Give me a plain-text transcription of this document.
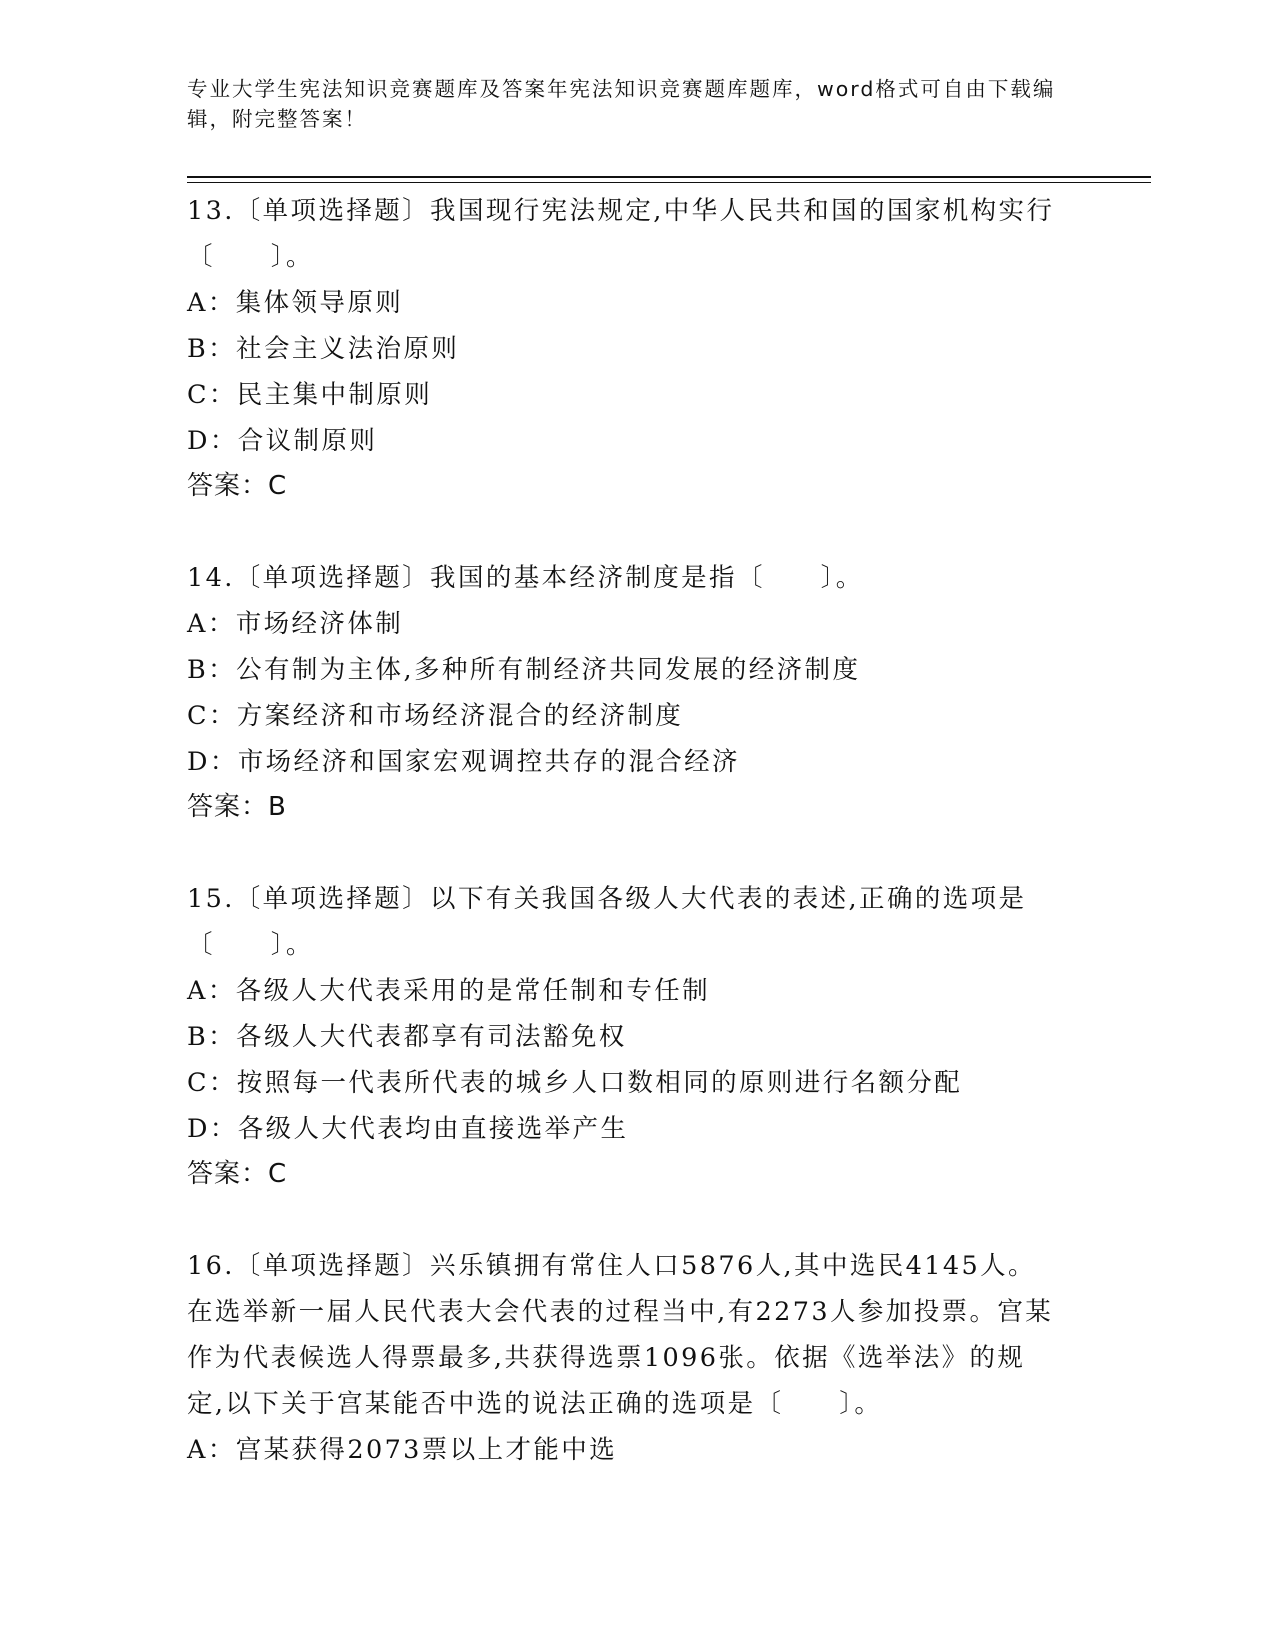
专业大学生宪法知识竞赛题库及答案年宪法知识竞赛题库题库，word格式可自由下载编辑，附完整答案！
13.〔单项选择题〕我国现行宪法规定,中华人民共和国的国家机构实行〔　　〕。
A：集体领导原则
B：社会主义法治原则
C：民主集中制原则
D：合议制原则
答案：C
14.〔单项选择题〕我国的基本经济制度是指〔　　〕。
A：市场经济体制
B：公有制为主体,多种所有制经济共同发展的经济制度
C：方案经济和市场经济混合的经济制度
D：市场经济和国家宏观调控共存的混合经济
答案：B
15.〔单项选择题〕以下有关我国各级人大代表的表述,正确的选项是〔　　〕。
A：各级人大代表采用的是常任制和专任制
B：各级人大代表都享有司法豁免权
C：按照每一代表所代表的城乡人口数相同的原则进行名额分配
D：各级人大代表均由直接选举产生
答案：C
16.〔单项选择题〕兴乐镇拥有常住人口5876人,其中选民4145人。在选举新一届人民代表大会代表的过程当中,有2273人参加投票。宫某作为代表候选人得票最多,共获得选票1096张。依据《选举法》的规定,以下关于宫某能否中选的说法正确的选项是〔　　〕。
A：宫某获得2073票以上才能中选
